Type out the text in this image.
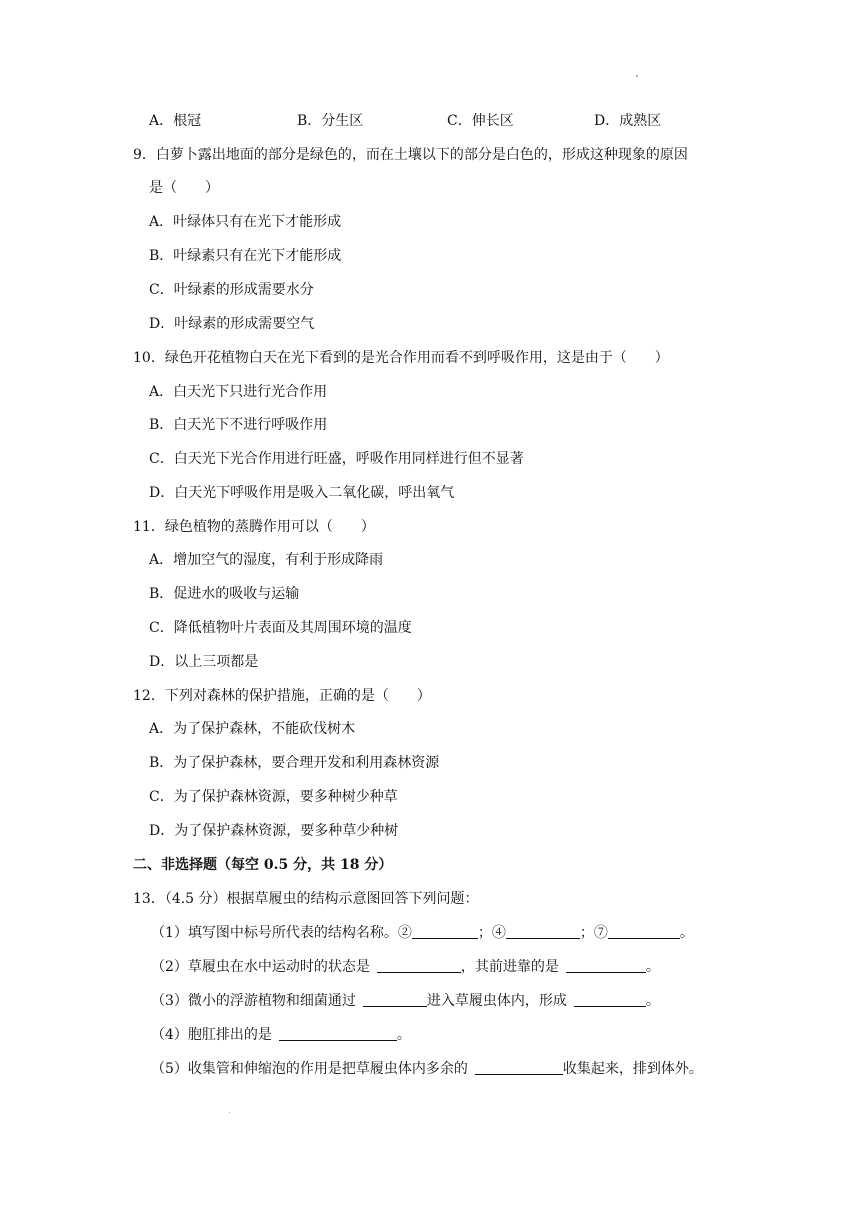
A．根冠	B．分生区	C．伸长区	D．成熟区
9．白萝卜露出地面的部分是绿色的，而在土壤以下的部分是白色的，形成这种现象的原因
是（　　）
A．叶绿体只有在光下才能形成
B．叶绿素只有在光下才能形成
C．叶绿素的形成需要水分
D．叶绿素的形成需要空气
10．绿色开花植物白天在光下看到的是光合作用而看不到呼吸作用，这是由于（　　）
A．白天光下只进行光合作用
B．白天光下不进行呼吸作用
C．白天光下光合作用进行旺盛，呼吸作用同样进行但不显著
D．白天光下呼吸作用是吸入二氧化碳，呼出氧气
11．绿色植物的蒸腾作用可以（　　）
A．增加空气的湿度，有利于形成降雨
B．促进水的吸收与运输
C．降低植物叶片表面及其周围环境的温度
D．以上三项都是
12．下列对森林的保护措施，正确的是（　　）
A．为了保护森林，不能砍伐树木
B．为了保护森林，要合理开发和利用森林资源
C．为了保护森林资源，要多种树少种草
D．为了保护森林资源，要多种草少种树
二、非选择题（每空 0.5 分，共 18 分）
13．（4.5 分）根据草履虫的结构示意图回答下列问题：
（1）填写图中标号所代表的结构名称。②	；④	；⑦	。
（2）草履虫在水中运动时的状态是	，其前进靠的是	。
（3）微小的浮游植物和细菌通过	进入草履虫体内，形成	。
（4）胞肛排出的是	。
（5）收集管和伸缩泡的作用是把草履虫体内多余的	收集起来，排到体外。
